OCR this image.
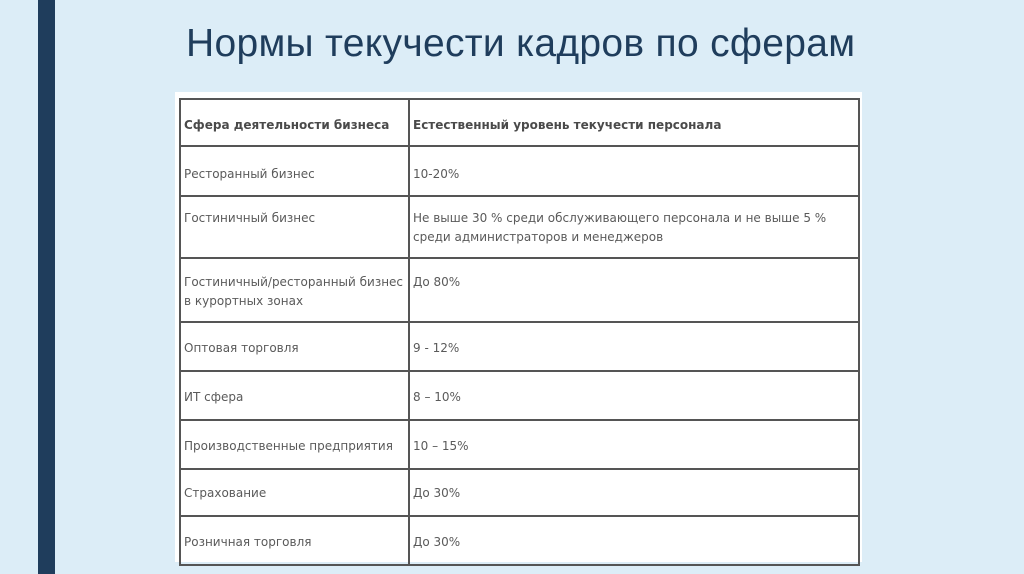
Нормы текучести кадров по сферам
Сфера деятельности бизнеса	Естественный уровень текучести персонала
Ресторанный бизнес	10-20%
Гостиничный бизнес	Не выше 30 % среди обслуживающего персонала и не выше 5 % среди администраторов и менеджеров
Гостиничный/ресторанный бизнес в курортных зонах	До 80%
Оптовая торговля	9 - 12%
ИТ сфера	8 – 10%
Производственные предприятия	10 – 15%
Страхование	До 30%
Розничная торговля	До 30%
